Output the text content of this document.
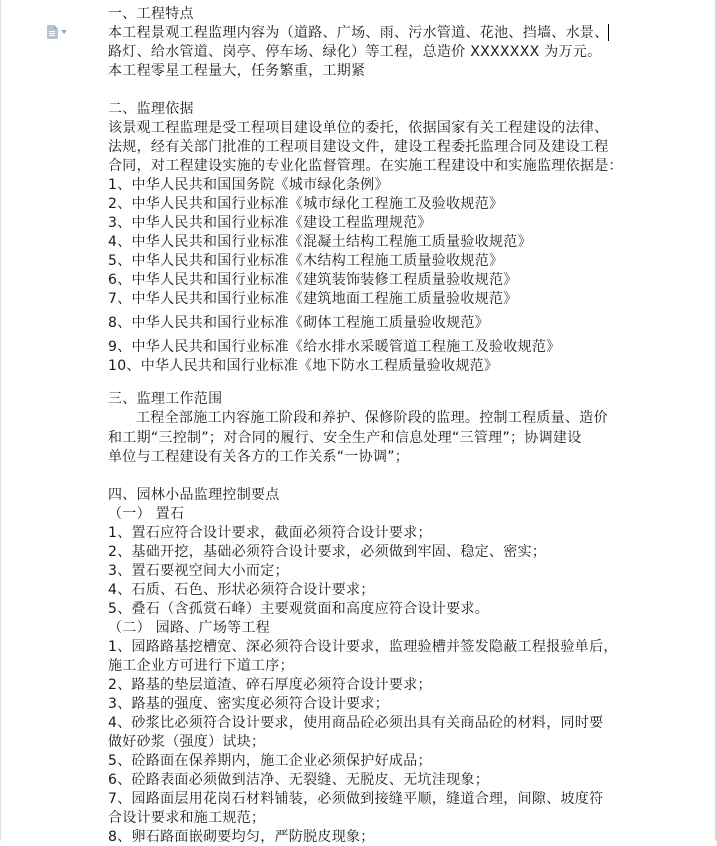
一、工程特点
本工程景观工程监理内容为（道路、广场、雨、污水管道、花池、挡墙、水景、
路灯、给水管道、岗亭、停车场、绿化）等工程，总造价 XXXXXXX 为万元。
本工程零星工程量大，任务繁重，工期紧
二、监理依据
该景观工程监理是受工程项目建设单位的委托，依据国家有关工程建设的法律、
法规，经有关部门批准的工程项目建设文件，建设工程委托监理合同及建设工程
合同，对工程建设实施的专业化监督管理。在实施工程建设中和实施监理依据是：
1、中华人民共和国国务院《城市绿化条例》
2、中华人民共和国行业标准《城市绿化工程施工及验收规范》
3、中华人民共和国行业标准《建设工程监理规范》
4、中华人民共和国行业标准《混凝土结构工程施工质量验收规范》
5、中华人民共和国行业标准《木结构工程施工质量验收规范》
6、中华人民共和国行业标准《建筑装饰装修工程质量验收规范》
7、中华人民共和国行业标准《建筑地面工程施工质量验收规范》
8、中华人民共和国行业标准《砌体工程施工质量验收规范》
9、中华人民共和国行业标准《给水排水采暖管道工程施工及验收规范》
10、中华人民共和国行业标准《地下防水工程质量验收规范》
三、监理工作范围
工程全部施工内容施工阶段和养护、保修阶段的监理。控制工程质量、造价
和工期“三控制”；对合同的履行、安全生产和信息处理“三管理”；协调建设
单位与工程建设有关各方的工作关系“一协调”；
四、园林小品监理控制要点
（一） 置石
1、置石应符合设计要求，截面必须符合设计要求；
2、基础开挖，基础必须符合设计要求，必须做到牢固、稳定、密实；
3、置石要视空间大小而定；
4、石质、石色、形状必须符合设计要求；
5、叠石（含孤赏石峰）主要观赏面和高度应符合设计要求。
（二） 园路、广场等工程
1、园路路基挖槽宽、深必须符合设计要求，监理验槽并签发隐蔽工程报验单后，
施工企业方可进行下道工序；
2、路基的垫层道渣、碎石厚度必须符合设计要求；
3、路基的强度、密实度必须符合设计要求；
4、砂浆比必须符合设计要求，使用商品砼必须出具有关商品砼的材料，同时要
做好砂浆（强度）试块；
5、砼路面在保养期内，施工企业必须保护好成品；
6、砼路表面必须做到洁净、无裂缝、无脱皮、无坑洼现象；
7、园路面层用花岗石材料铺装，必须做到接缝平顺，缝道合理，间隙、坡度符
合设计要求和施工规范；
8、卵石路面嵌砌要均匀，严防脱皮现象；
